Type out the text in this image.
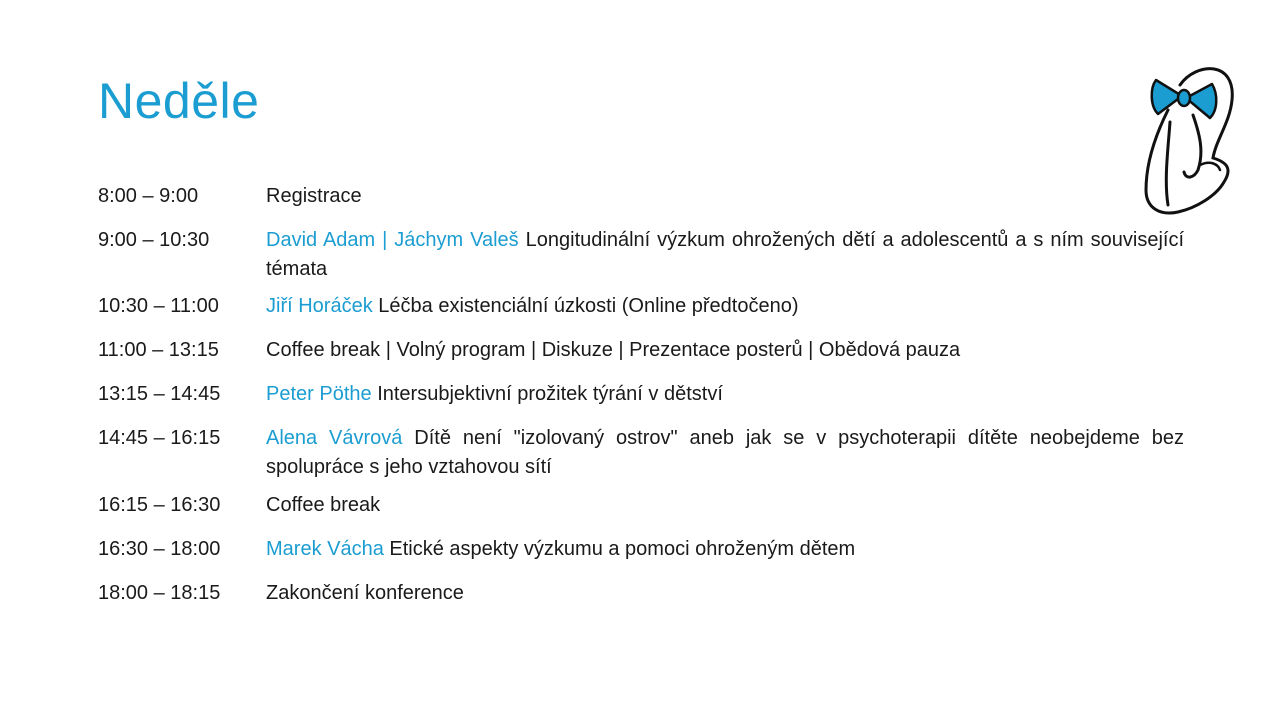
Neděle
8:00 – 9:00	Registrace
9:00 – 10:30	David Adam | Jáchym Valeš Longitudinální výzkum ohrožených dětí a adolescentů a s ním související témata
10:30 – 11:00	Jiří Horáček Léčba existenciální úzkosti (Online předtočeno)
11:00 – 13:15	Coffee break | Volný program | Diskuze | Prezentace posterů | Obědová pauza
13:15 – 14:45	Peter Pöthe Intersubjektivní prožitek týrání v dětství
14:45 – 16:15	Alena Vávrová Dítě není "izolovaný ostrov" aneb jak se v psychoterapii dítěte neobejdeme bez spolupráce s jeho vztahovou sítí
16:15 – 16:30	Coffee break
16:30 – 18:00	Marek Vácha Etické aspekty výzkumu a pomoci ohroženým dětem
18:00 – 18:15	Zakončení konference
